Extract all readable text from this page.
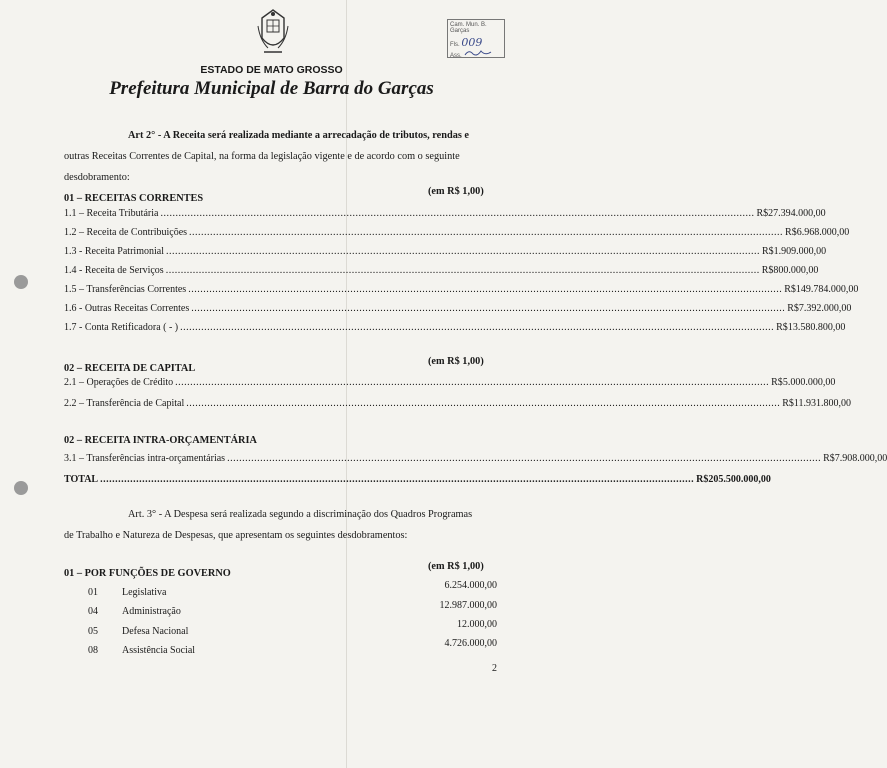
Cam. Mun. B. Garças
Fls. 009
Ass.
ESTADO DE MATO GROSSO
Prefeitura Municipal de Barra do Garças
Art 2° - A Receita será realizada mediante a arrecadação de tributos, rendas e
outras Receitas Correntes de Capital, na forma da legislação vigente e de acordo com o seguinte
desdobramento:
01 – RECEITAS CORRENTES
(em R$ 1,00)
1.1 – Receita Tributária ...................................................................................................................................................................................................... R$ 27.394.000,00
1.2 – Receita de Contribuições ...................................................................................................................................................................................................... R$ 6.968.000,00
1.3 - Receita Patrimonial ...................................................................................................................................................................................................... R$ 1.909.000,00
1.4 - Receita de Serviços ...................................................................................................................................................................................................... R$ 800.000,00
1.5 – Transferências Correntes ...................................................................................................................................................................................................... R$ 149.784.000,00
1.6 - Outras Receitas Correntes ...................................................................................................................................................................................................... R$ 7.392.000,00
1.7 - Conta Retificadora ( - ) ...................................................................................................................................................................................................... R$ 13.580.800,00
02 – RECEITA DE CAPITAL
(em R$ 1,00)
2.1 – Operações de Crédito ...................................................................................................................................................................................................... R$ 5.000.000,00
2.2 – Transferência de Capital ...................................................................................................................................................................................................... R$ 11.931.800,00
02 – RECEITA INTRA-ORÇAMENTÁRIA
3.1 – Transferências intra-orçamentárias ...................................................................................................................................................................................................... R$ 7.908.000,00
TOTAL ...................................................................................................................................................................................................... R$ 205.500.000,00
Art. 3° - A Despesa será realizada segundo a discriminação dos Quadros Programas
de Trabalho e Natureza de Despesas, que apresentam os seguintes desdobramentos:
01 – POR FUNÇÕES DE GOVERNO
(em R$ 1,00)
01 Legislativa
6.254.000,00
04 Administração
12.987.000,00
05 Defesa Nacional
12.000,00
08 Assistência Social
4.726.000,00
2
